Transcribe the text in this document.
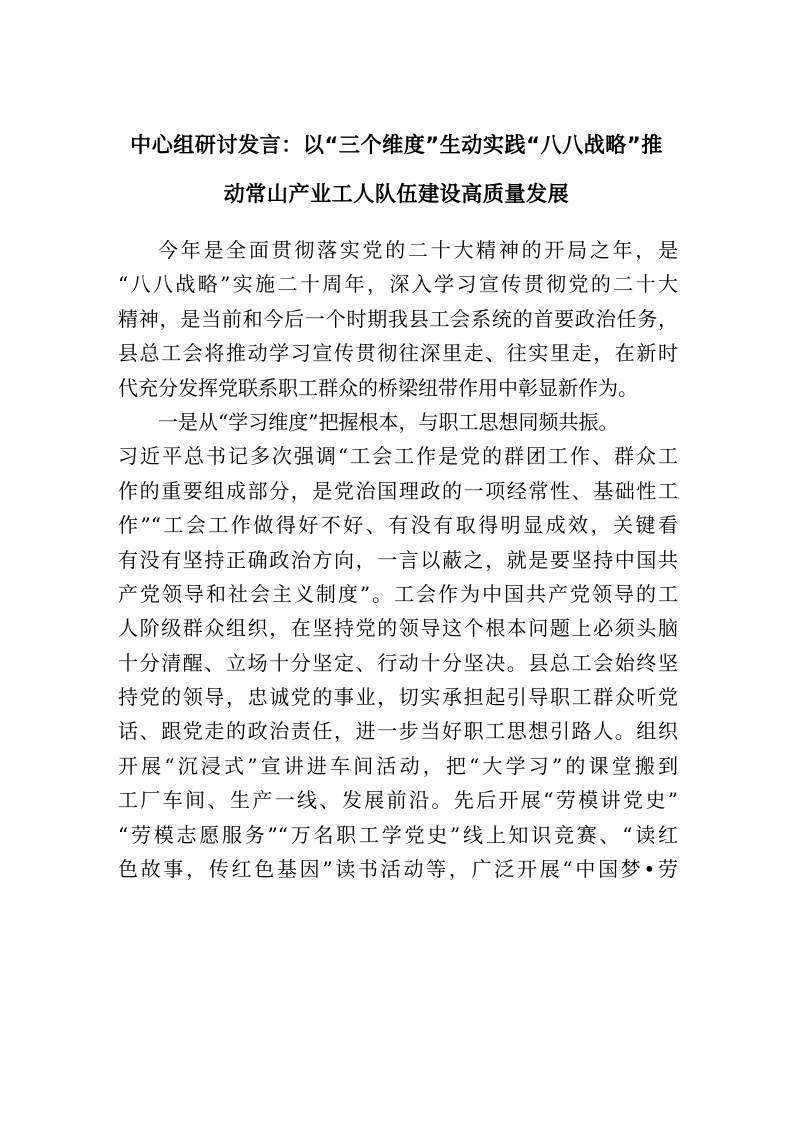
中心组研讨发言：以“三个维度”生动实践“八八战略”推
动常山产业工人队伍建设高质量发展
今年是全面贯彻落实党的二十大精神的开局之年，是
“八八战略”实施二十周年，深入学习宣传贯彻党的二十大
精神，是当前和今后一个时期我县工会系统的首要政治任务，
县总工会将推动学习宣传贯彻往深里走、往实里走，在新时
代充分发挥党联系职工群众的桥梁纽带作用中彰显新作为。
一是从“学习维度”把握根本，与职工思想同频共振。
习近平总书记多次强调“工会工作是党的群团工作、群众工
作的重要组成部分，是党治国理政的一项经常性、基础性工
作”“工会工作做得好不好、有没有取得明显成效，关键看
有没有坚持正确政治方向，一言以蔽之，就是要坚持中国共
产党领导和社会主义制度”。工会作为中国共产党领导的工
人阶级群众组织，在坚持党的领导这个根本问题上必须头脑
十分清醒、立场十分坚定、行动十分坚决。县总工会始终坚
持党的领导，忠诚党的事业，切实承担起引导职工群众听党
话、跟党走的政治责任，进一步当好职工思想引路人。组织
开展“沉浸式”宣讲进车间活动，把“大学习”的课堂搬到
工厂车间、生产一线、发展前沿。先后开展“劳模讲党史”
“劳模志愿服务”“万名职工学党史”线上知识竞赛、“读红
色故事，传红色基因”读书活动等，广泛开展“中国梦•劳
